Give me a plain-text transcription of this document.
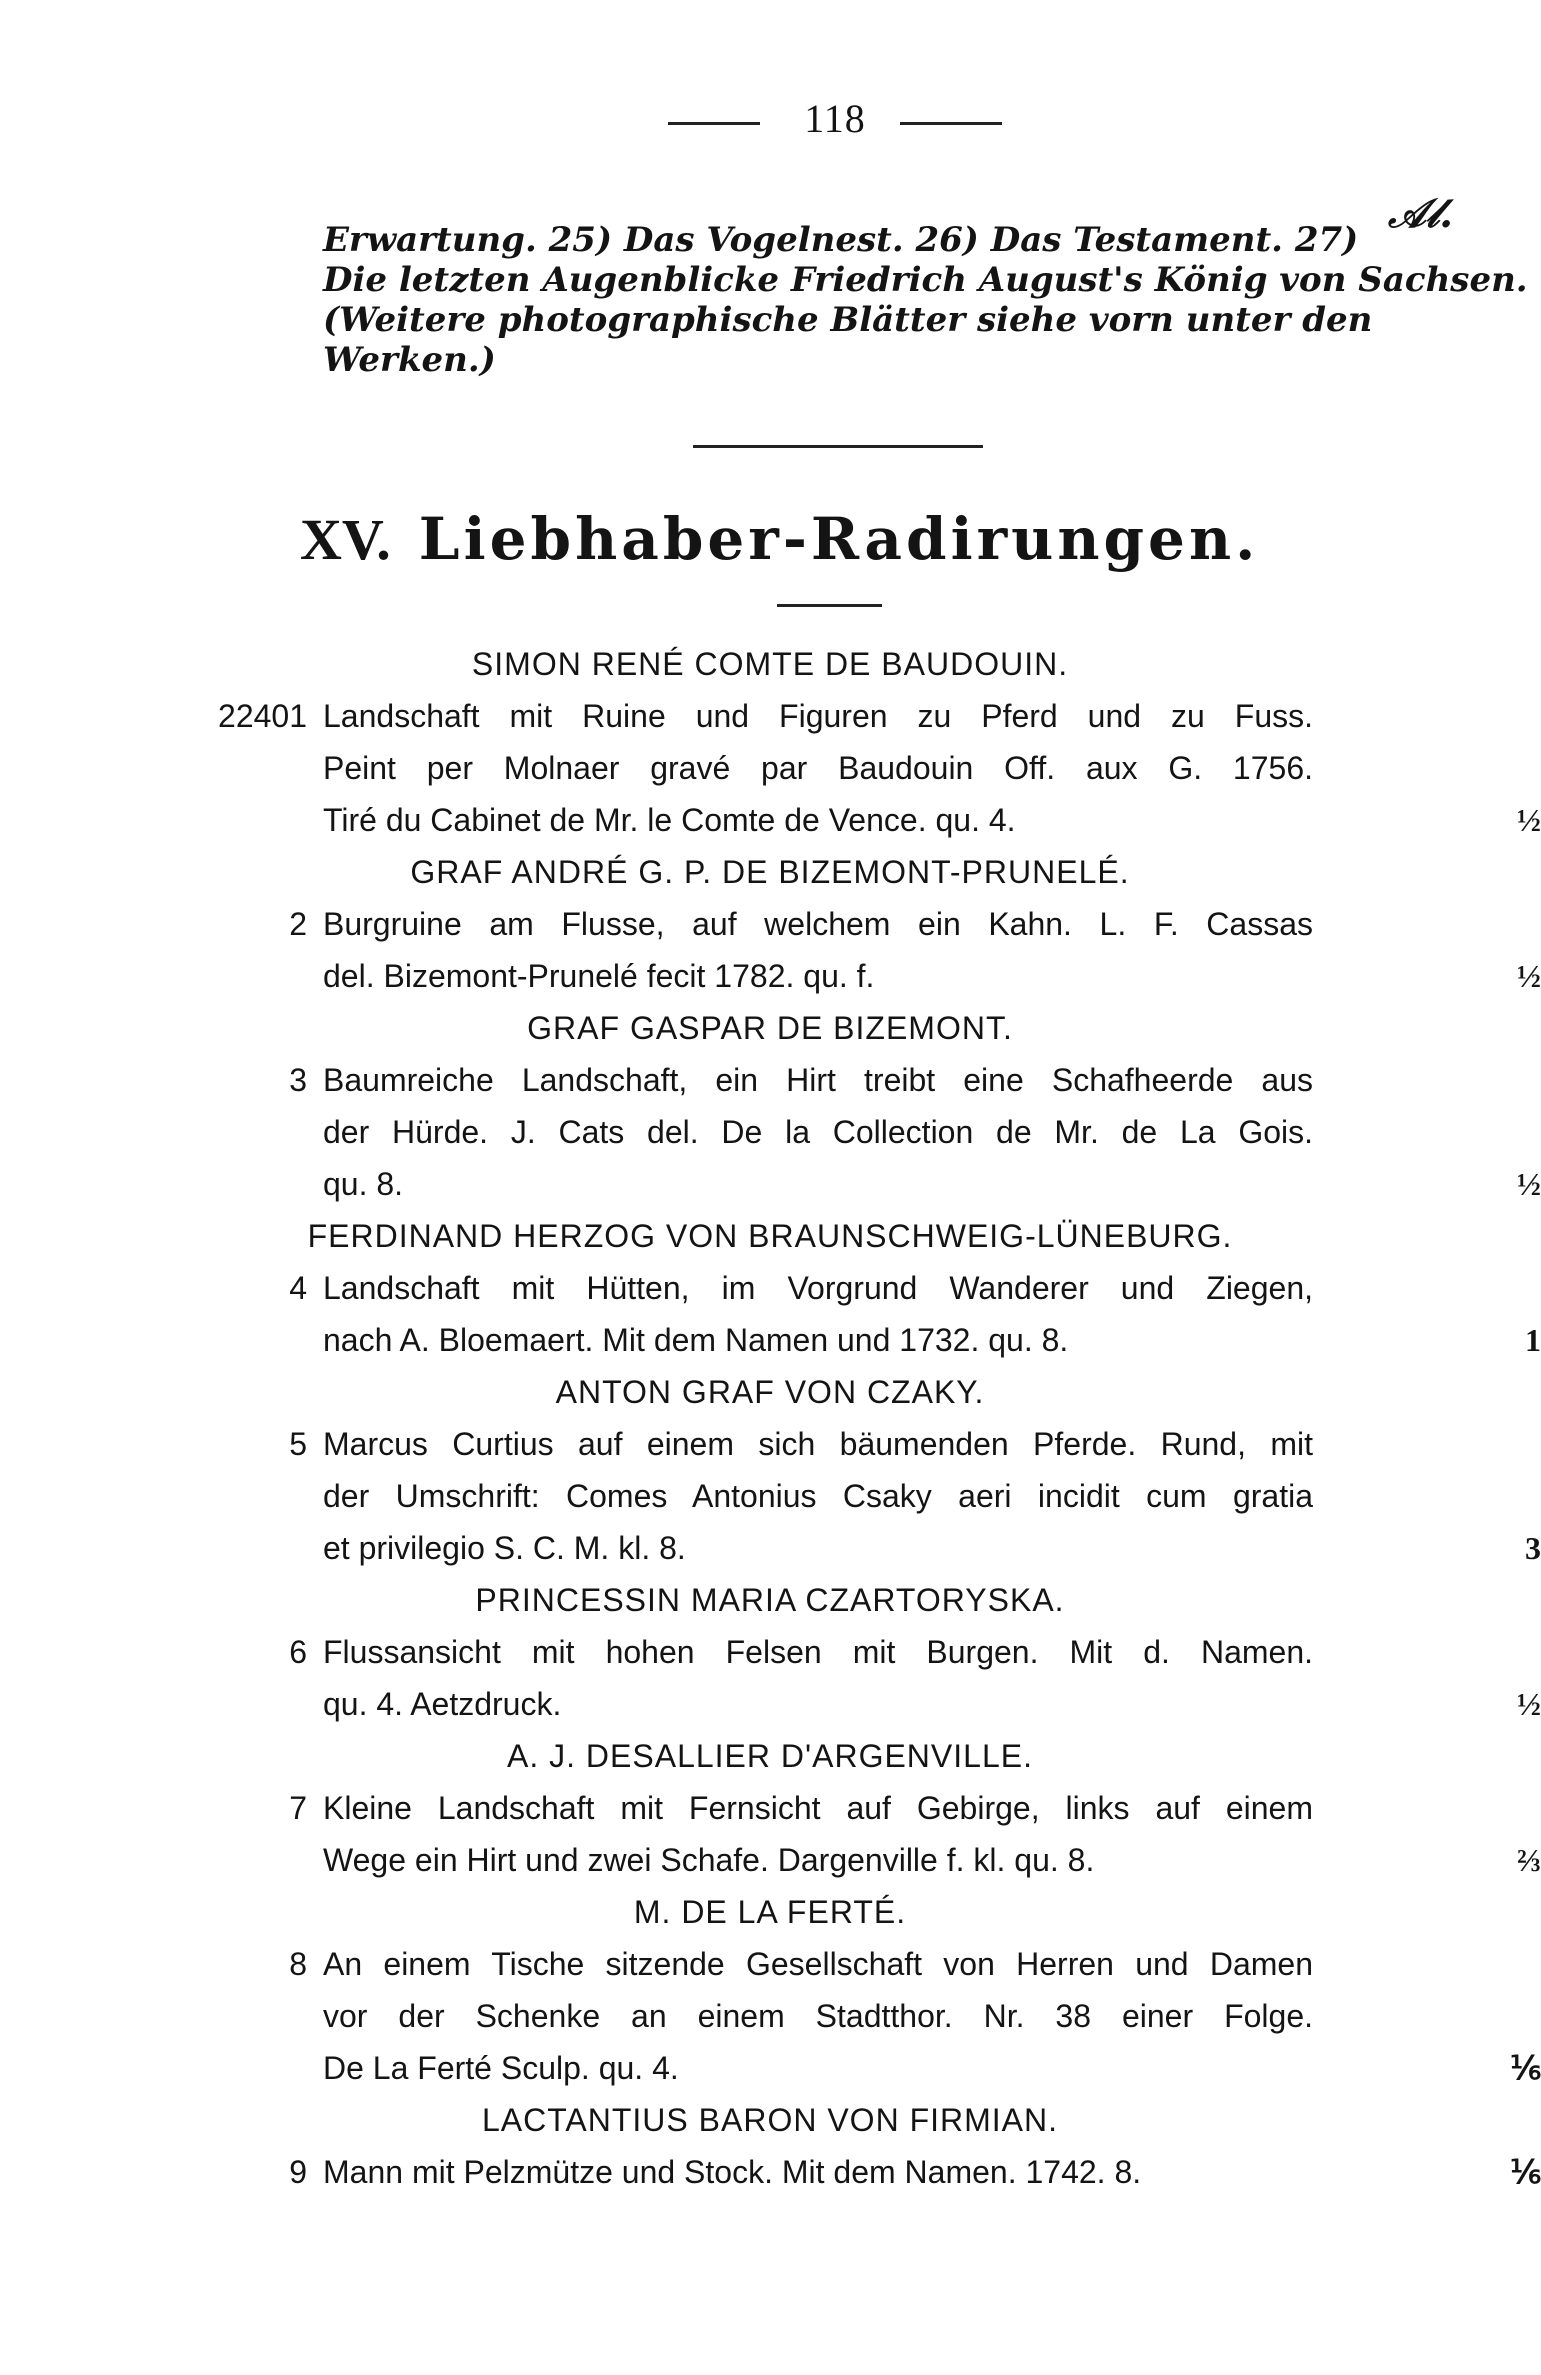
118
𝒜𝓁.
Erwartung. 25) Das Vogelnest. 26) Das Testament. 27)
Die letzten Augenblicke Friedrich August's König von Sachsen.
(Weitere photographische Blätter siehe vorn unter den
Werken.)
XV. Liebhaber-Radirungen.
SIMON RENÉ COMTE DE BAUDOUIN.
22401 Landschaft mit Ruine und Figuren zu Pferd und zu Fuss.
Peint per Molnaer gravé par Baudouin Off. aux G. 1756.
Tiré du Cabinet de Mr. le Comte de Vence. qu. 4.	½
GRAF ANDRÉ G. P. DE BIZEMONT-PRUNELÉ.
2 Burgruine am Flusse, auf welchem ein Kahn. L. F. Cassas
del. Bizemont-Prunelé fecit 1782. qu. f.	½
GRAF GASPAR DE BIZEMONT.
3 Baumreiche Landschaft, ein Hirt treibt eine Schafheerde aus
der Hürde. J. Cats del. De la Collection de Mr. de La Gois.
qu. 8.	½
FERDINAND HERZOG VON BRAUNSCHWEIG-LÜNEBURG.
4 Landschaft mit Hütten, im Vorgrund Wanderer und Ziegen,
nach A. Bloemaert. Mit dem Namen und 1732. qu. 8.	1
ANTON GRAF VON CZAKY.
5 Marcus Curtius auf einem sich bäumenden Pferde. Rund, mit
der Umschrift: Comes Antonius Csaky aeri incidit cum gratia
et privilegio S. C. M. kl. 8.	3
PRINCESSIN MARIA CZARTORYSKA.
6 Flussansicht mit hohen Felsen mit Burgen. Mit d. Namen.
qu. 4. Aetzdruck.	½
A. J. DESALLIER D'ARGENVILLE.
7 Kleine Landschaft mit Fernsicht auf Gebirge, links auf einem
Wege ein Hirt und zwei Schafe. Dargenville f. kl. qu. 8.	⅔
M. DE LA FERTÉ.
8 An einem Tische sitzende Gesellschaft von Herren und Damen
vor der Schenke an einem Stadtthor. Nr. 38 einer Folge.
De La Ferté Sculp. qu. 4.	⅙
LACTANTIUS BARON VON FIRMIAN.
9 Mann mit Pelzmütze und Stock. Mit dem Namen. 1742. 8.	⅙
